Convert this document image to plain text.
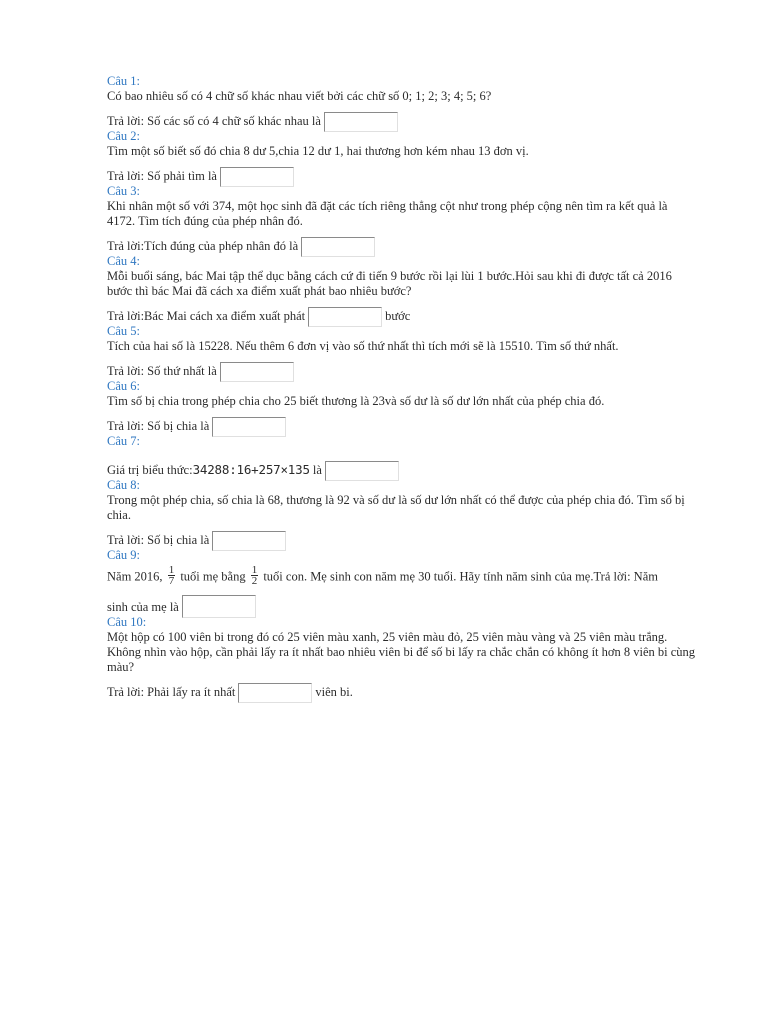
Câu 1:
Có bao nhiêu số có 4 chữ số khác nhau viết bởi các chữ số 0; 1; 2; 3; 4; 5; 6?
Trả lời: Số các số có 4 chữ số khác nhau là
Câu 2:
Tìm một số biết số đó chia 8 dư 5,chia 12 dư 1, hai thương hơn kém nhau 13 đơn vị.
Trả lời: Số phải tìm là
Câu 3:
Khi nhân một số với 374, một học sinh đã đặt các tích riêng thẳng cột như trong phép cộng nên tìm ra kết quả là 4172. Tìm tích đúng của phép nhân đó.
Trả lời:Tích đúng của phép nhân đó là
Câu 4:
Mỗi buổi sáng, bác Mai tập thể dục bằng cách cứ đi tiến 9 bước rồi lại lùi 1 bước.Hỏi sau khi đi được tất cả 2016 bước thì bác Mai đã cách xa điểm xuất phát bao nhiêu bước?
Trả lời:Bác Mai cách xa điểm xuất phát	bước
Câu 5:
Tích của hai số là 15228. Nếu thêm 6 đơn vị vào số thứ nhất thì tích mới sẽ là 15510. Tìm số thứ nhất.
Trả lời: Số thứ nhất là
Câu 6:
Tìm số bị chia trong phép chia cho 25 biết thương là 23và số dư là số dư lớn nhất của phép chia đó.
Trả lời: Số bị chia là
Câu 7:
Giá trị biểu thức:34288:16+257×135 là
Câu 8:
Trong một phép chia, số chia là 68, thương là 92 và số dư là số dư lớn nhất có thể được của phép chia đó. Tìm số bị chia.
Trả lời: Số bị chia là
Câu 9:
Năm 2016, $\frac{1}{7}$ tuổi mẹ bằng $\frac{1}{2}$ tuổi con. Mẹ sinh con năm mẹ 30 tuổi. Hãy tính năm sinh của mẹ.Trả lời: Năm
sinh của mẹ là
Câu 10:
Một hộp có 100 viên bi trong đó có 25 viên màu xanh, 25 viên màu đỏ, 25 viên màu vàng và 25 viên màu trắng. Không nhìn vào hộp, cần phải lấy ra ít nhất bao nhiêu viên bi để số bi lấy ra chắc chắn có không ít hơn 8 viên bi cùng màu?
Trả lời: Phải lấy ra ít nhất	viên bi.
